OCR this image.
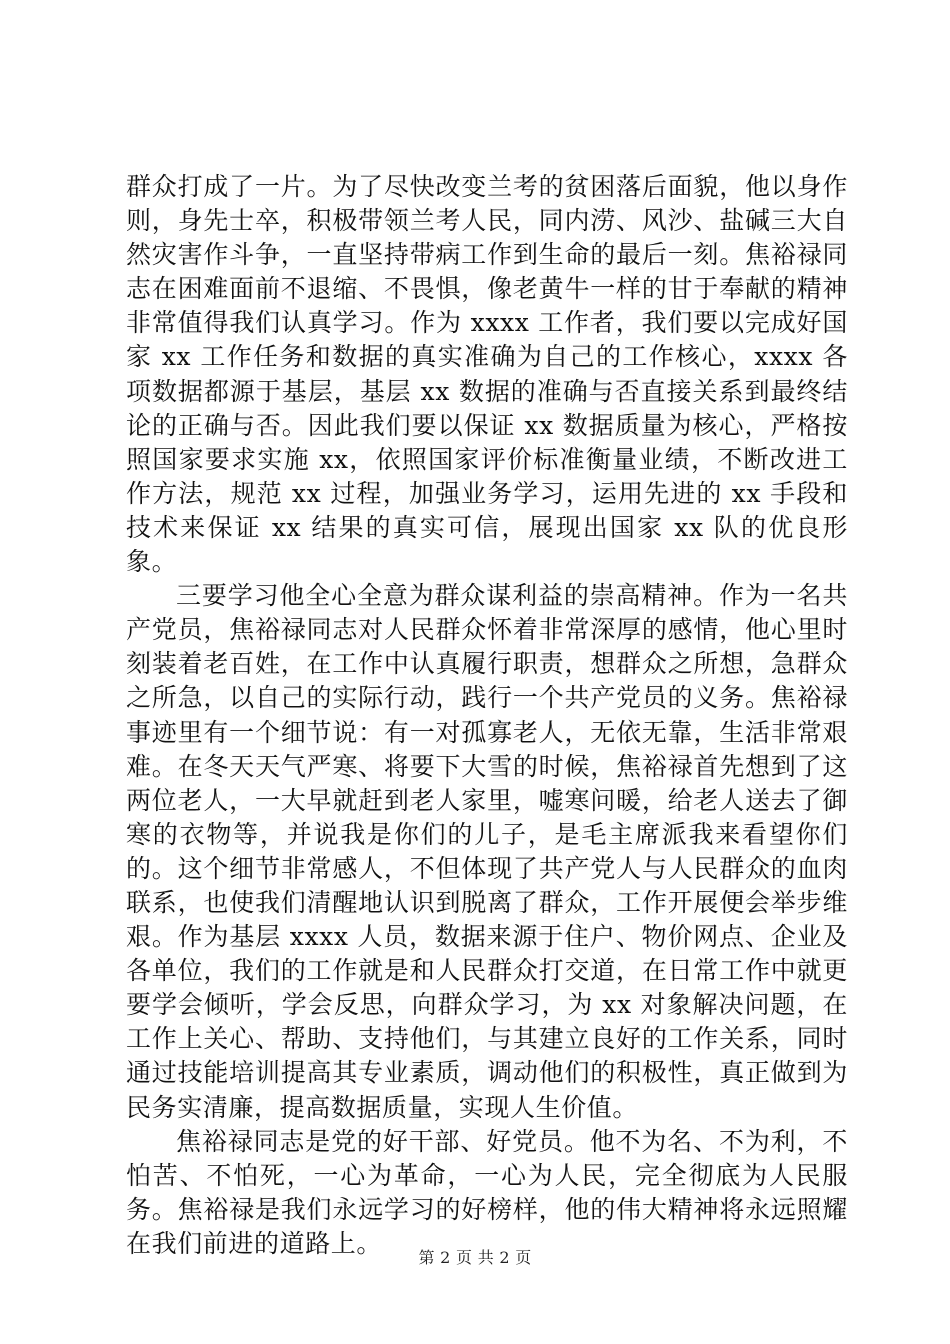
群众打成了一片。为了尽快改变兰考的贫困落后面貌，他以身作则，身先士卒，积极带领兰考人民，同内涝、风沙、盐碱三大自然灾害作斗争，一直坚持带病工作到生命的最后一刻。焦裕禄同志在困难面前不退缩、不畏惧，像老黄牛一样的甘于奉献的精神非常值得我们认真学习。作为 xxxx 工作者，我们要以完成好国家 xx 工作任务和数据的真实准确为自己的工作核心，xxxx 各项数据都源于基层，基层 xx 数据的准确与否直接关系到最终结论的正确与否。因此我们要以保证 xx 数据质量为核心，严格按照国家要求实施 xx，依照国家评价标准衡量业绩，不断改进工作方法，规范 xx 过程，加强业务学习，运用先进的 xx 手段和技术来保证 xx 结果的真实可信，展现出国家 xx 队的优良形象。

三要学习他全心全意为群众谋利益的崇高精神。作为一名共产党员，焦裕禄同志对人民群众怀着非常深厚的感情，他心里时刻装着老百姓，在工作中认真履行职责，想群众之所想，急群众之所急，以自己的实际行动，践行一个共产党员的义务。焦裕禄事迹里有一个细节说：有一对孤寡老人，无依无靠，生活非常艰难。在冬天天气严寒、将要下大雪的时候，焦裕禄首先想到了这两位老人，一大早就赶到老人家里，嘘寒问暖，给老人送去了御寒的衣物等，并说我是你们的儿子，是毛主席派我来看望你们的。这个细节非常感人，不但体现了共产党人与人民群众的血肉联系，也使我们清醒地认识到脱离了群众，工作开展便会举步维艰。作为基层 xxxx 人员，数据来源于住户、物价网点、企业及各单位，我们的工作就是和人民群众打交道，在日常工作中就更要学会倾听，学会反思，向群众学习，为 xx 对象解决问题，在工作上关心、帮助、支持他们，与其建立良好的工作关系，同时通过技能培训提高其专业素质，调动他们的积极性，真正做到为民务实清廉，提高数据质量，实现人生价值。

焦裕禄同志是党的好干部、好党员。他不为名、不为利，不怕苦、不怕死，一心为革命，一心为人民，完全彻底为人民服务。焦裕禄是我们永远学习的好榜样，他的伟大精神将永远照耀在我们前进的道路上。	第 2 页 共 2 页
